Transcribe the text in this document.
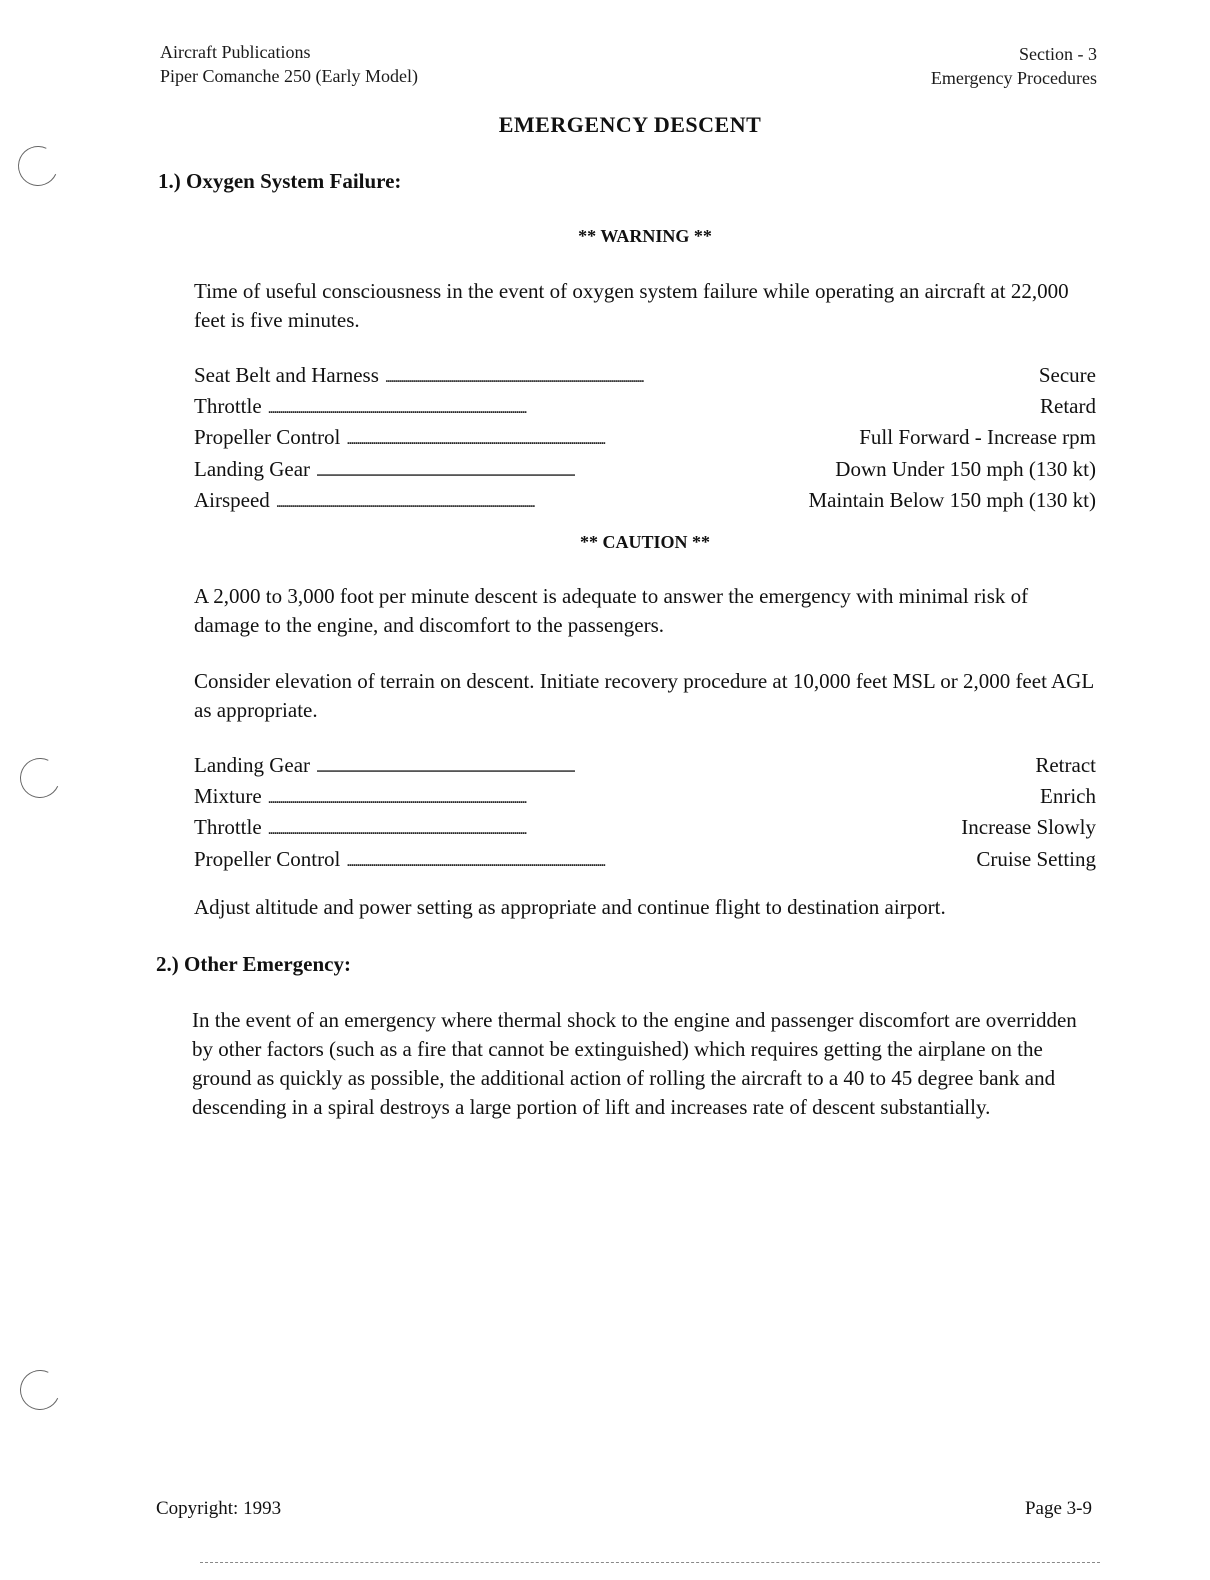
Aircraft Publications
Piper Comanche 250 (Early Model)
Section - 3
Emergency Procedures
EMERGENCY DESCENT
1.) Oxygen System Failure:
** WARNING **
Time of useful consciousness in the event of oxygen system failure while operating an aircraft at 22,000 feet is five minutes.
Seat Belt and Harness . . .	Secure
Throttle . . .	Retard
Propeller Control . . .	Full Forward - Increase rpm
Landing Gear . . .	Down Under 150 mph (130 kt)
Airspeed . . .	Maintain Below 150 mph (130 kt)
** CAUTION **
A 2,000 to 3,000 foot per minute descent is adequate to answer the emergency with minimal risk of damage to the engine, and discomfort to the passengers.
Consider elevation of terrain on descent. Initiate recovery procedure at 10,000 feet MSL or 2,000 feet AGL as appropriate.
Landing Gear . . .	Retract
Mixture . . .	Enrich
Throttle . . .	Increase Slowly
Propeller Control . . .	Cruise Setting
Adjust altitude and power setting as appropriate and continue flight to destination airport.
2.) Other Emergency:
In the event of an emergency where thermal shock to the engine and passenger discomfort are overridden by other factors (such as a fire that cannot be extinguished) which requires getting the airplane on the ground as quickly as possible, the additional action of rolling the aircraft to a 40 to 45 degree bank and descending in a spiral destroys a large portion of lift and increases rate of descent substantially.
Copyright: 1993	Page 3-9
